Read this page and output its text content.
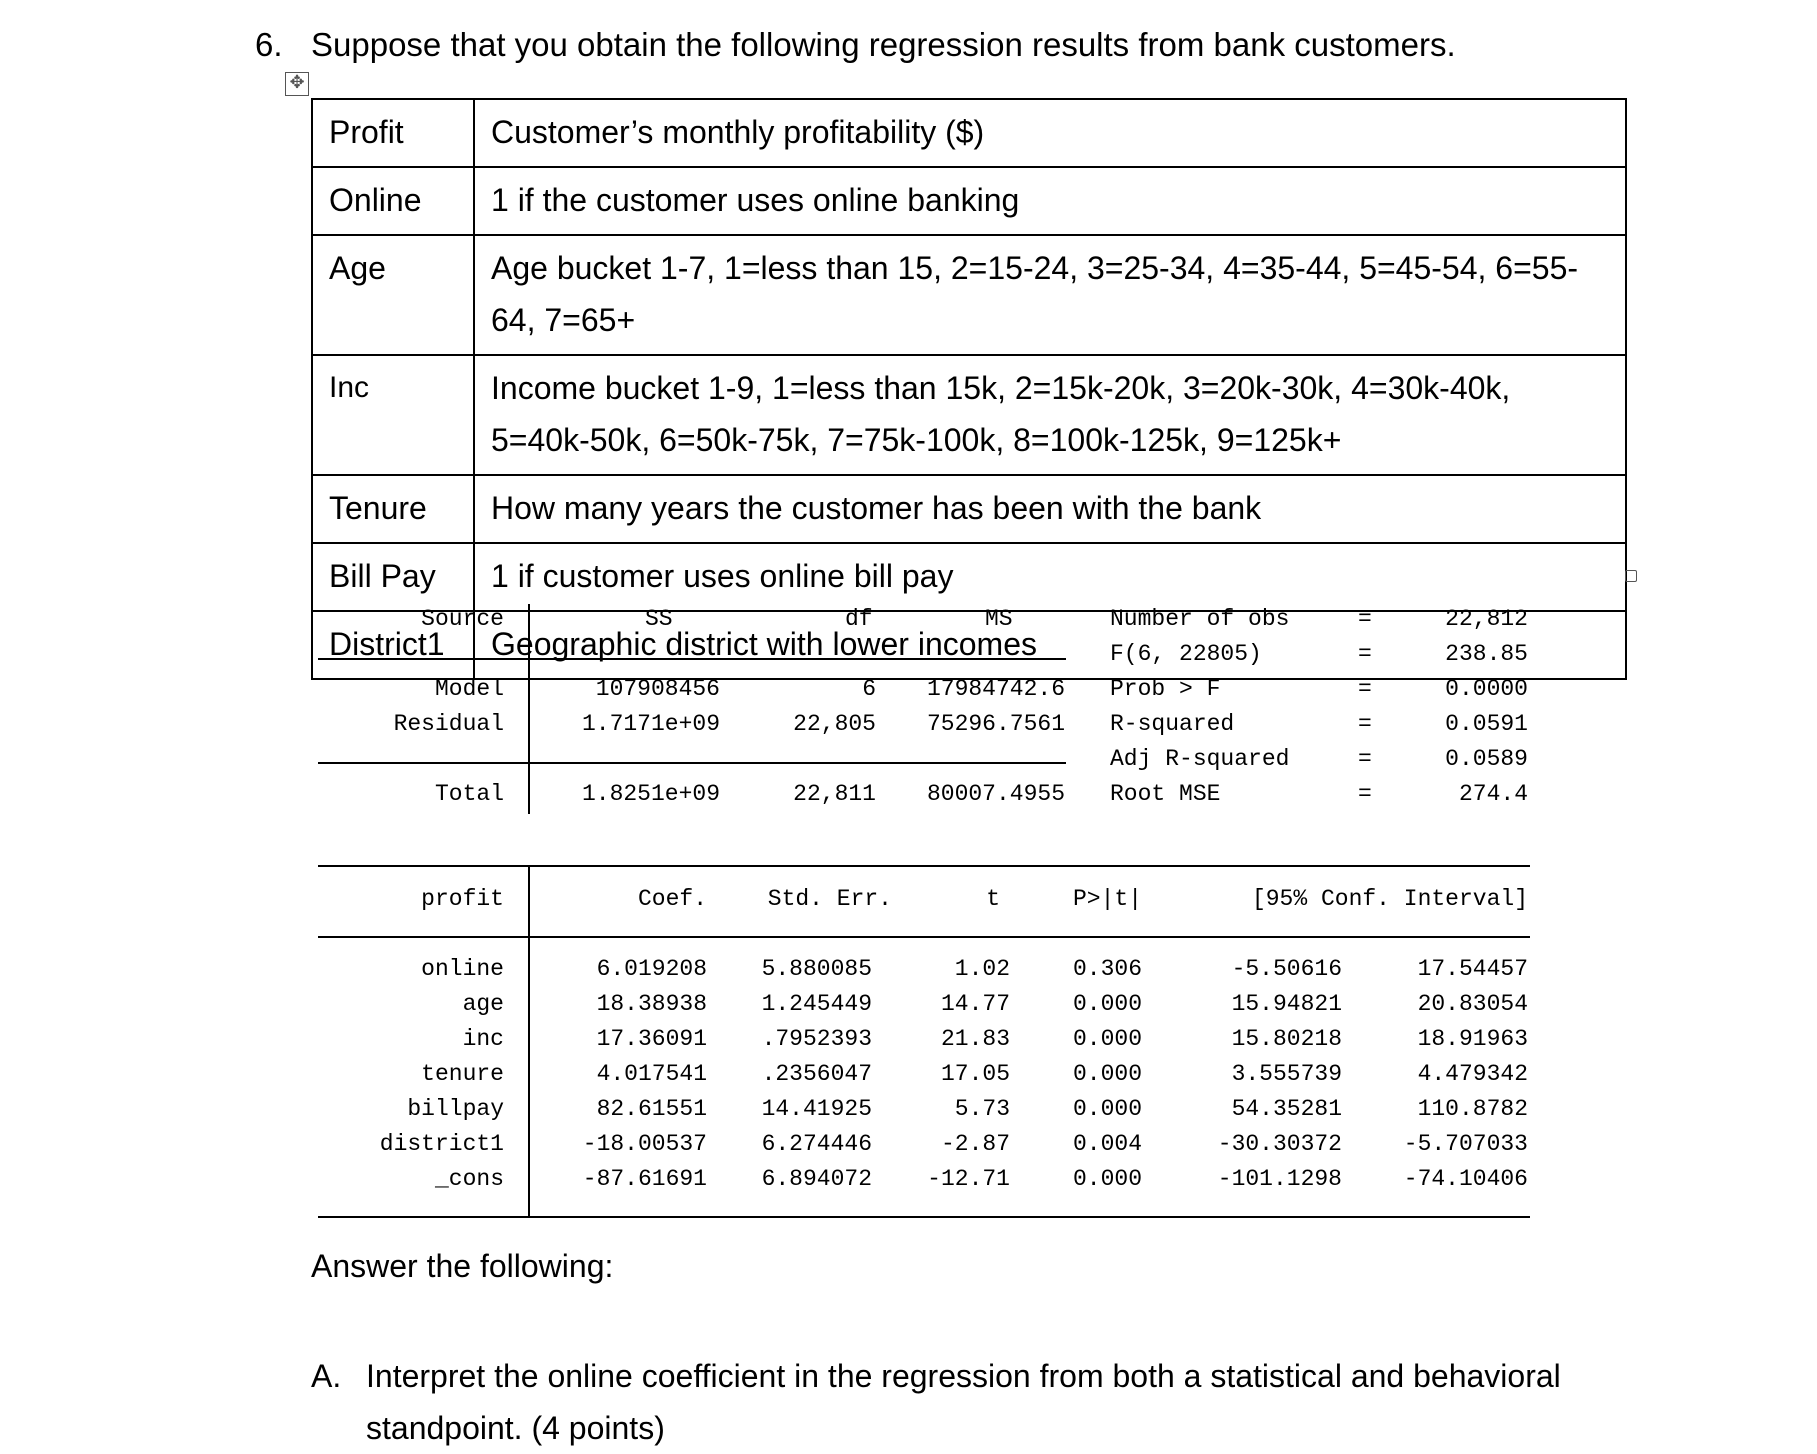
6. Suppose that you obtain the following regression results from bank customers.
✥
Profit	Customer’s monthly profitability ($)
Online	1 if the customer uses online banking
Age	Age bucket 1-7, 1=less than 15, 2=15-24, 3=25-34, 4=35-44, 5=45-54, 6=55-64, 7=65+
Inc	Income bucket 1-9, 1=less than 15k, 2=15k-20k, 3=20k-30k, 4=30k-40k, 5=40k-50k, 6=50k-75k, 7=75k-100k, 8=100k-125k, 9=125k+
Tenure	How many years the customer has been with the bank
Bill Pay	1 if customer uses online bill pay
District1	Geographic district with lower incomes
Source	SS	df	MS
Model	107908456	6	17984742.6
Residual	1.7171e+09	22,805	75296.7561
Total	1.8251e+09	22,811	80007.4955
Number of obs	=	22,812
F(6, 22805)	=	238.85
Prob > F	=	0.0000
R-squared	=	0.0591
Adj R-squared	=	0.0589
Root MSE	=	274.4
profit	Coef.	Std. Err.	t	P>|t|	[95% Conf. Interval]
online	6.019208	5.880085	1.02	0.306	-5.50616	17.54457
age	18.38938	1.245449	14.77	0.000	15.94821	20.83054
inc	17.36091	.7952393	21.83	0.000	15.80218	18.91963
tenure	4.017541	.2356047	17.05	0.000	3.555739	4.479342
billpay	82.61551	14.41925	5.73	0.000	54.35281	110.8782
district1	-18.00537	6.274446	-2.87	0.004	-30.30372	-5.707033
_cons	-87.61691	6.894072	-12.71	0.000	-101.1298	-74.10406
Answer the following:
A. Interpret the online coefficient in the regression from both a statistical and behavioral standpoint. (4 points)
